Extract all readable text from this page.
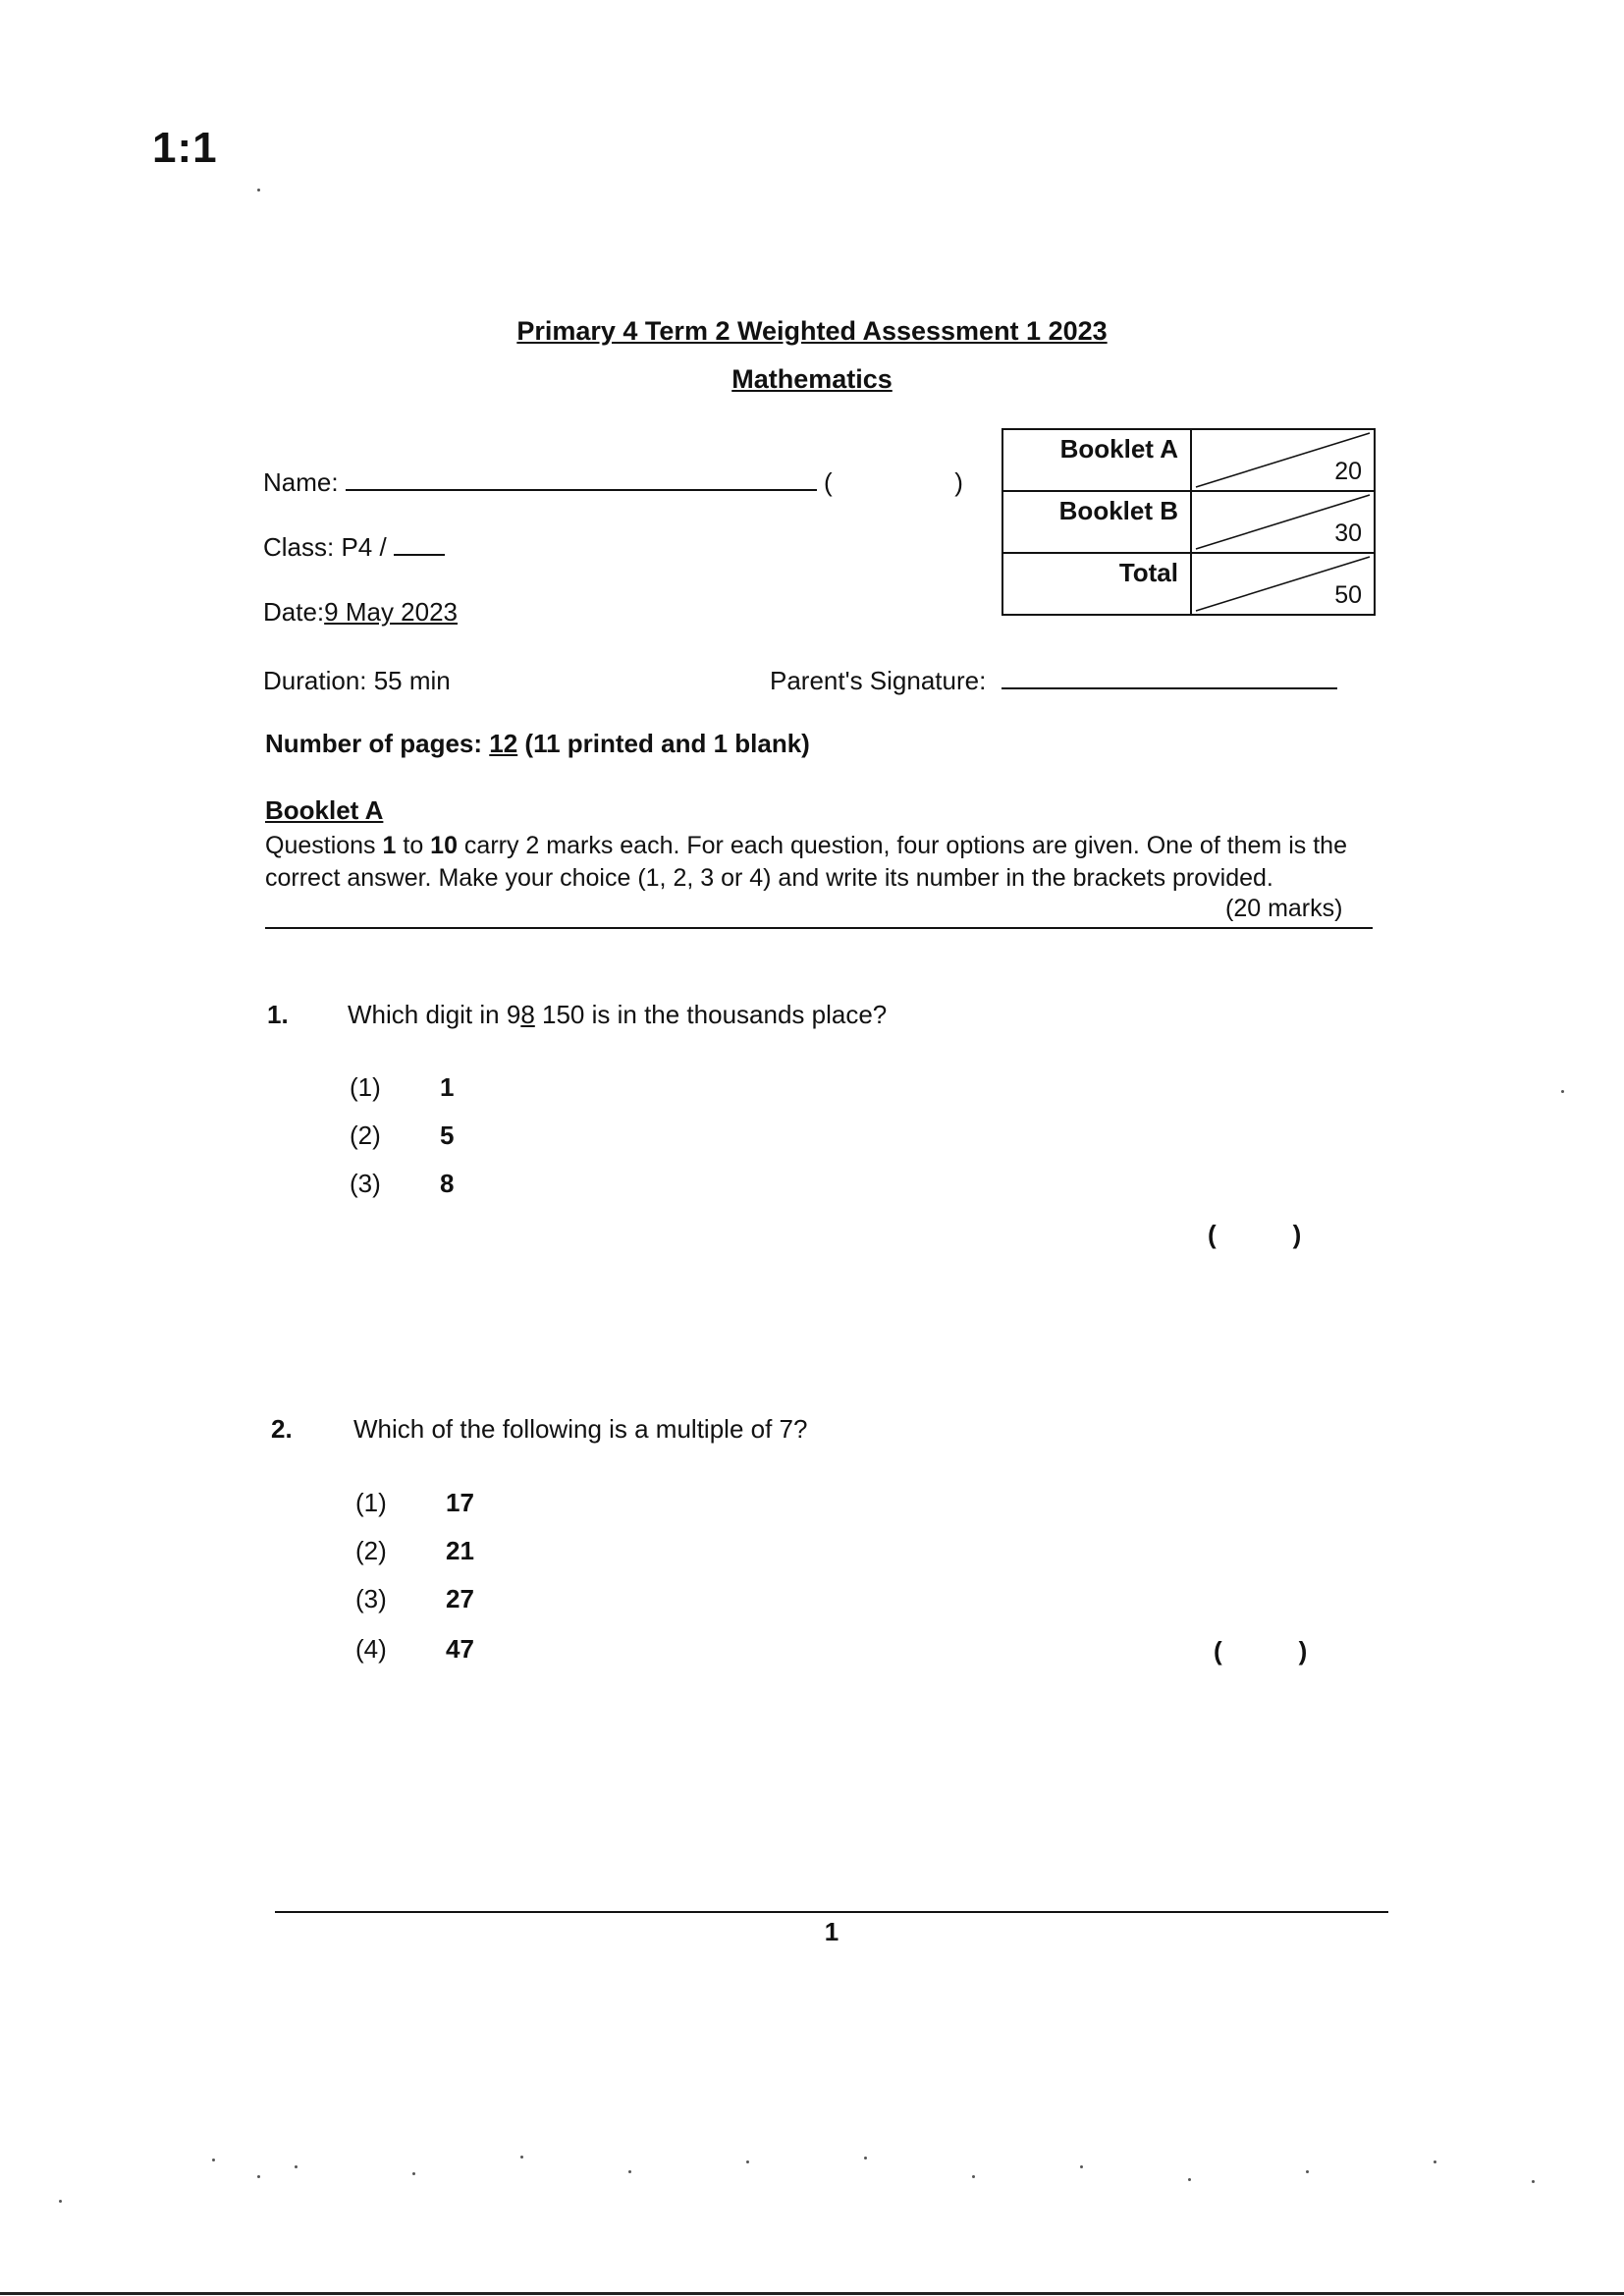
1:1
Primary 4 Term 2 Weighted Assessment 1 2023
Mathematics
Name:	(	)
Class: P4 /
Date:9 May 2023
Duration: 55 min	Parent's Signature:
Booklet A	20

Booklet B	30

Total	50
Number of pages: 12 (11 printed and 1 blank)
Booklet A
Questions 1 to 10 carry 2 marks each. For each question, four options are given. One of them is the correct answer. Make your choice (1, 2, 3 or 4) and write its number in the brackets provided.
(20 marks)
1. Which digit in 98 150 is in the thousands place?
(1) 1
(2) 5
(3) 8
(	)
2. Which of the following is a multiple of 7?
(1) 17
(2) 21
(3) 27
(4) 47	(	)
1
